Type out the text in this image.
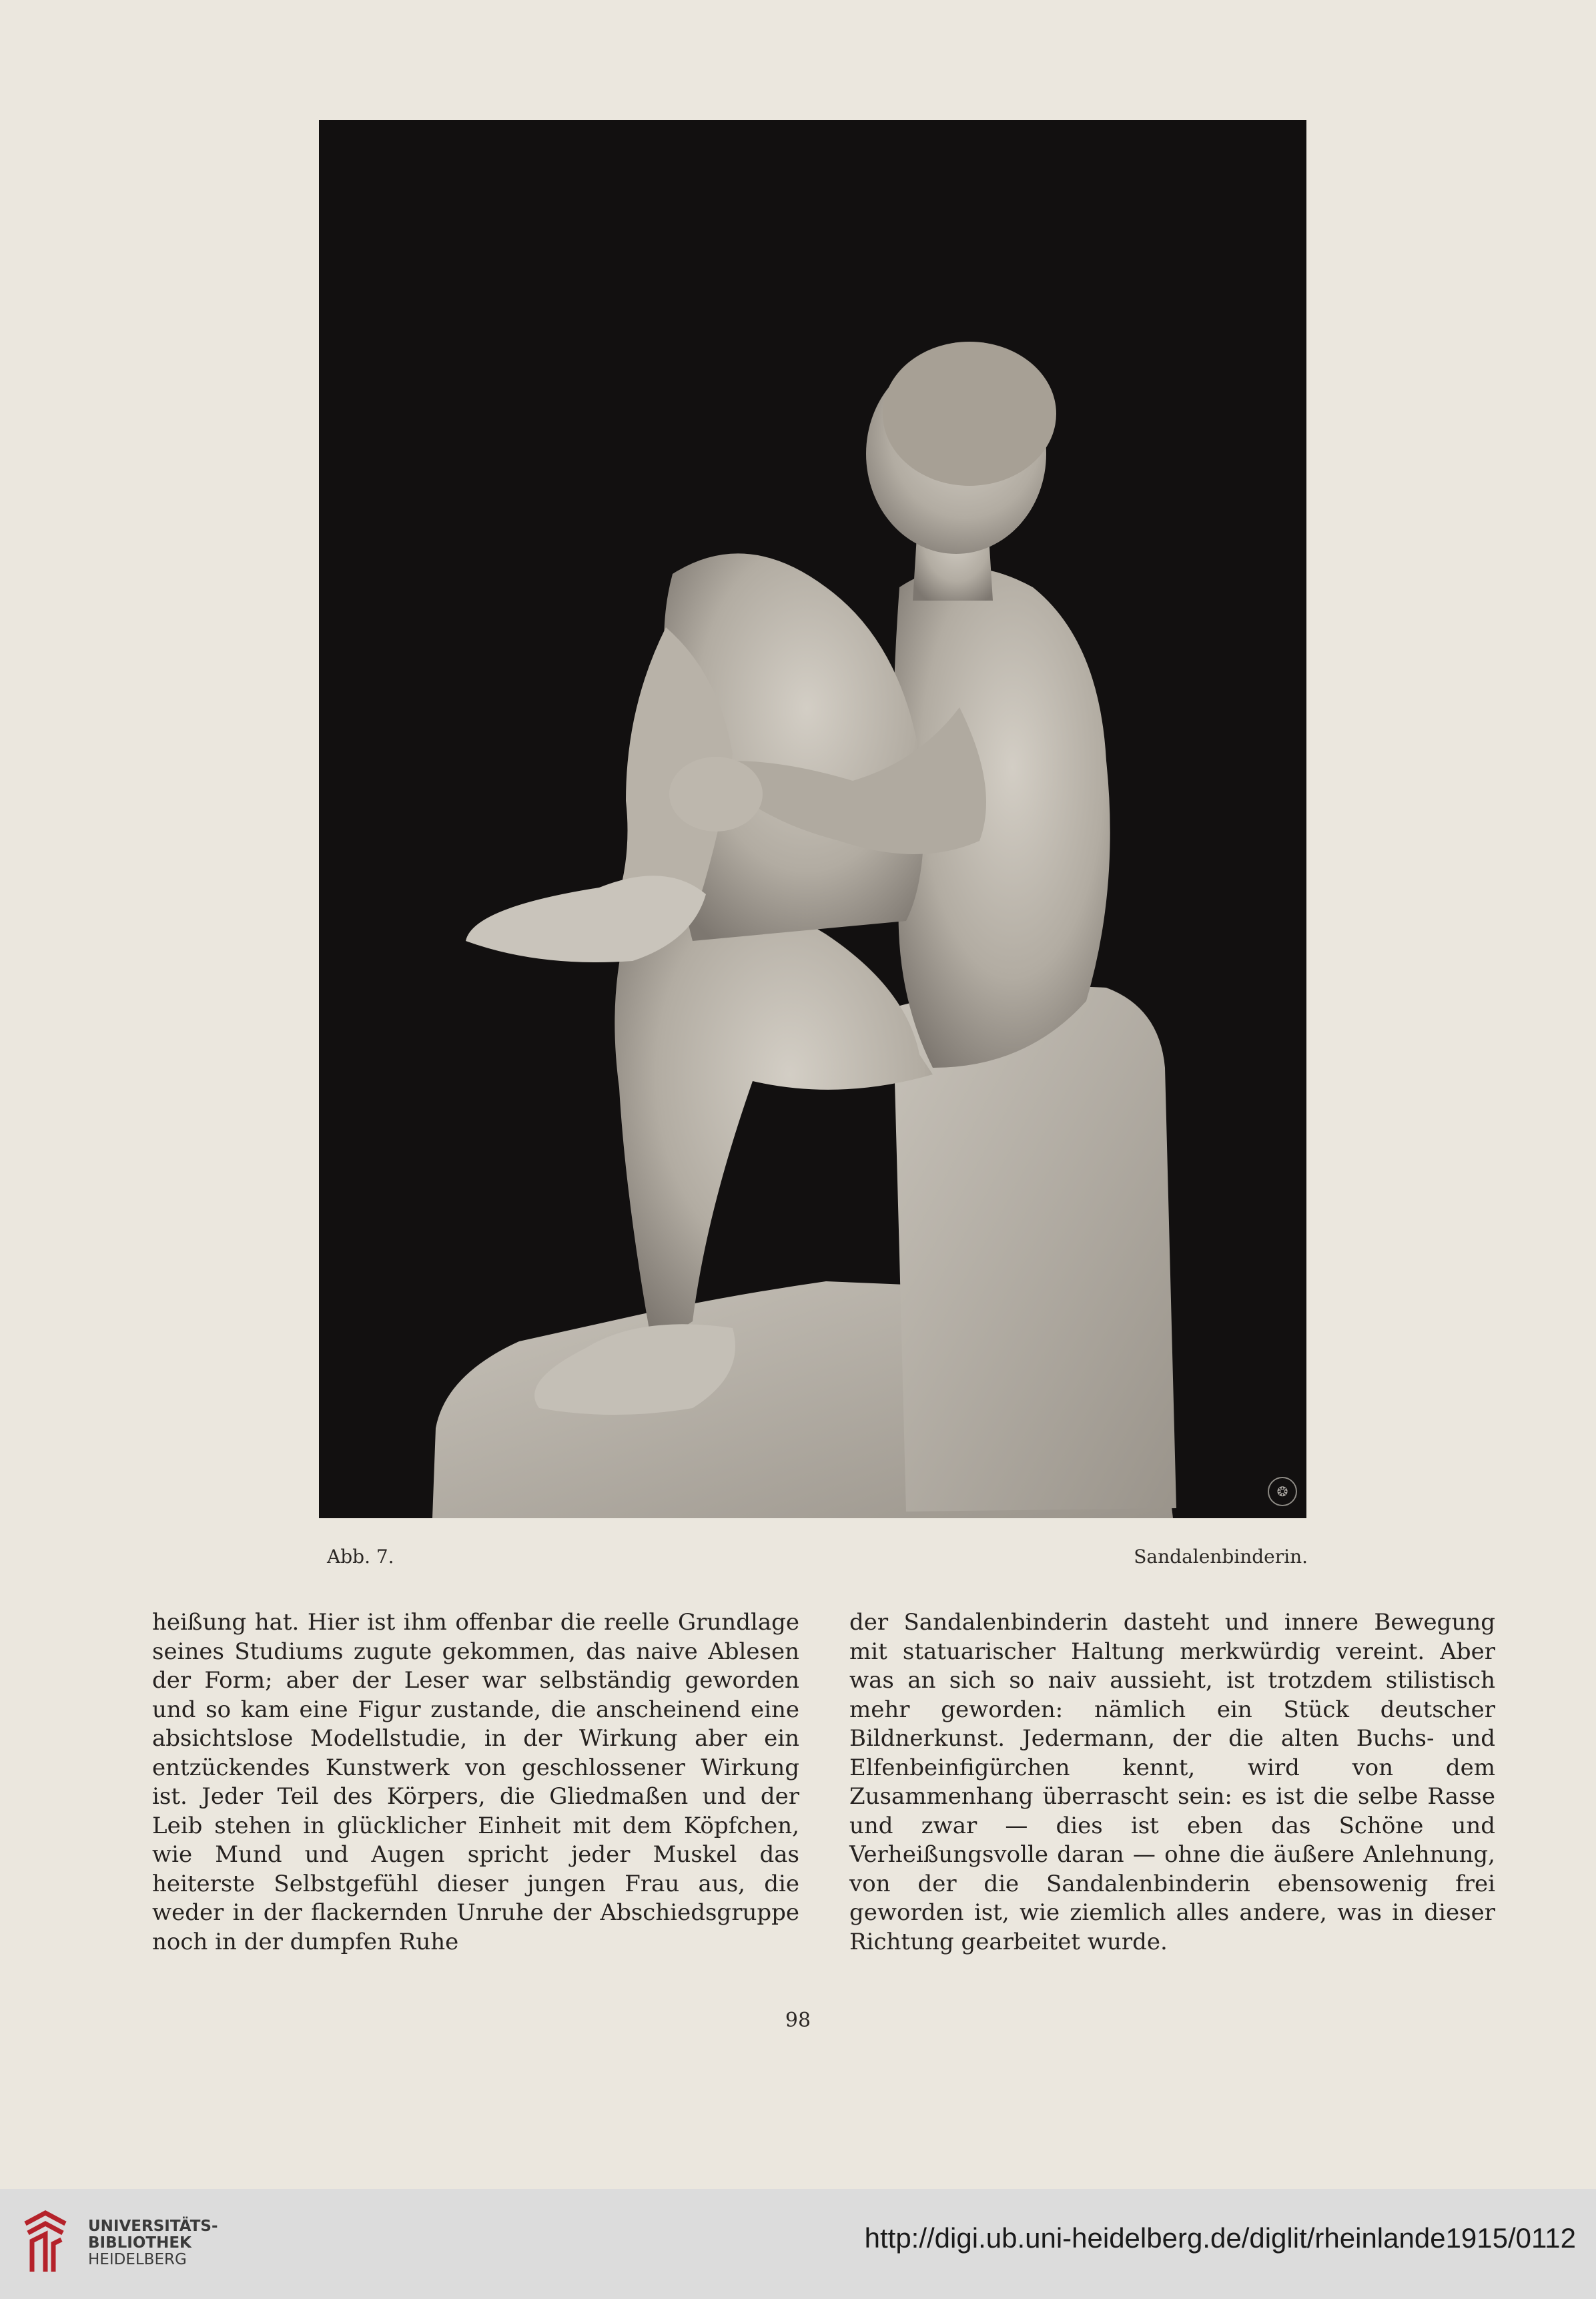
❂
Abb. 7.	Sandalenbinderin.

heißung hat. Hier ist ihm offenbar die reelle Grundlage seines Studiums zugute gekommen, das naive Ablesen der Form; aber der Leser war selbständig geworden und so kam eine Figur zustande, die anscheinend eine absichtslose Modellstudie, in der Wirkung aber ein entzückendes Kunstwerk von geschlossener Wirkung ist. Jeder Teil des Körpers, die Gliedmaßen und der Leib stehen in glücklicher Einheit mit dem Köpfchen, wie Mund und Augen spricht jeder Muskel das heiterste Selbstgefühl dieser jungen Frau aus, die weder in der flackernden Unruhe der Abschiedsgruppe noch in der dumpfen Ruhe

der Sandalenbinderin dasteht und innere Bewegung mit statuarischer Haltung merkwürdig vereint. Aber was an sich so naiv aussieht, ist trotzdem stilistisch mehr geworden: nämlich ein Stück deutscher Bildnerkunst. Jedermann, der die alten Buchs- und Elfenbeinfigürchen kennt, wird von dem Zusammenhang überrascht sein: es ist die selbe Rasse und zwar — dies ist eben das Schöne und Verheißungsvolle daran — ohne die äußere Anlehnung, von der die Sandalenbinderin ebensowenig frei geworden ist, wie ziemlich alles andere, was in dieser Richtung gearbeitet wurde.

98
UNIVERSITÄTS-
BIBLIOTHEK
HEIDELBERG
http://digi.ub.uni-heidelberg.de/diglit/rheinlande1915/0112
